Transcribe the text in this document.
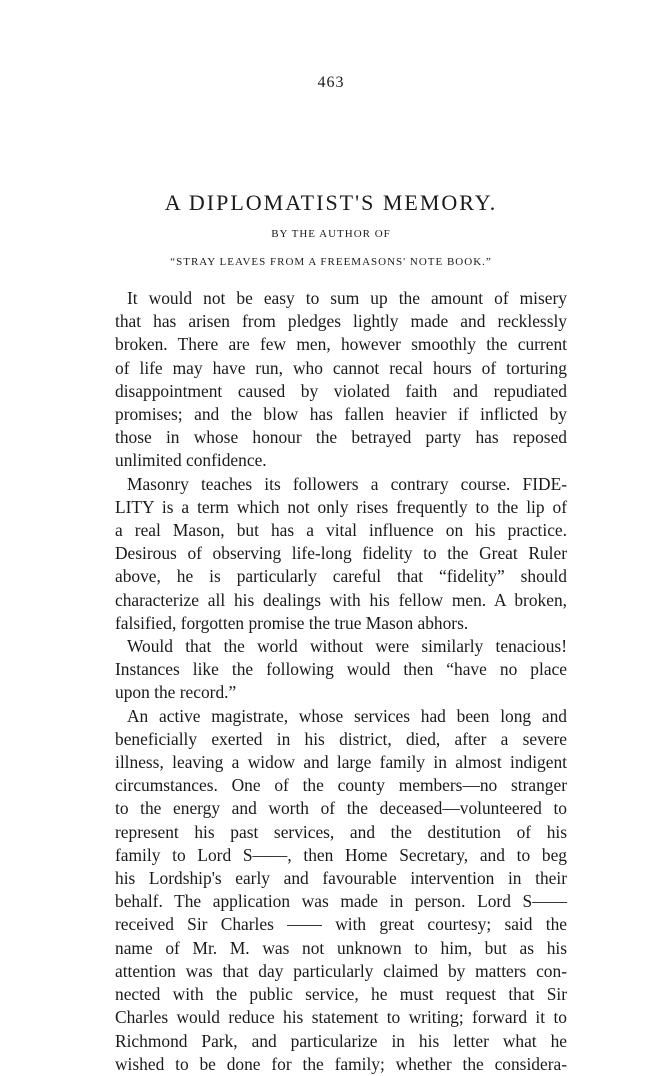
463
A DIPLOMATIST'S MEMORY.
BY THE AUTHOR OF
“STRAY LEAVES FROM A FREEMASONS' NOTE BOOK.”
It would not be easy to sum up the amount of misery
that has arisen from pledges lightly made and recklessly
broken. There are few men, however smoothly the current
of life may have run, who cannot recal hours of torturing
disappointment caused by violated faith and repudiated
promises; and the blow has fallen heavier if inflicted by
those in whose honour the betrayed party has reposed
unlimited confidence.
Masonry teaches its followers a contrary course. FIDE-
LITY is a term which not only rises frequently to the lip of
a real Mason, but has a vital influence on his practice.
Desirous of observing life-long fidelity to the Great Ruler
above, he is particularly careful that “fidelity” should
characterize all his dealings with his fellow men. A broken,
falsified, forgotten promise the true Mason abhors.
Would that the world without were similarly tenacious!
Instances like the following would then “have no place
upon the record.”
An active magistrate, whose services had been long and
beneficially exerted in his district, died, after a severe
illness, leaving a widow and large family in almost indigent
circumstances. One of the county members—no stranger
to the energy and worth of the deceased—volunteered to
represent his past services, and the destitution of his
family to Lord S——, then Home Secretary, and to beg
his Lordship's early and favourable intervention in their
behalf. The application was made in person. Lord S——
received Sir Charles —— with great courtesy; said the
name of Mr. M. was not unknown to him, but as his
attention was that day particularly claimed by matters con-
nected with the public service, he must request that Sir
Charles would reduce his statement to writing; forward it to
Richmond Park, and particularize in his letter what he
wished to be done for the family; whether the considera-
